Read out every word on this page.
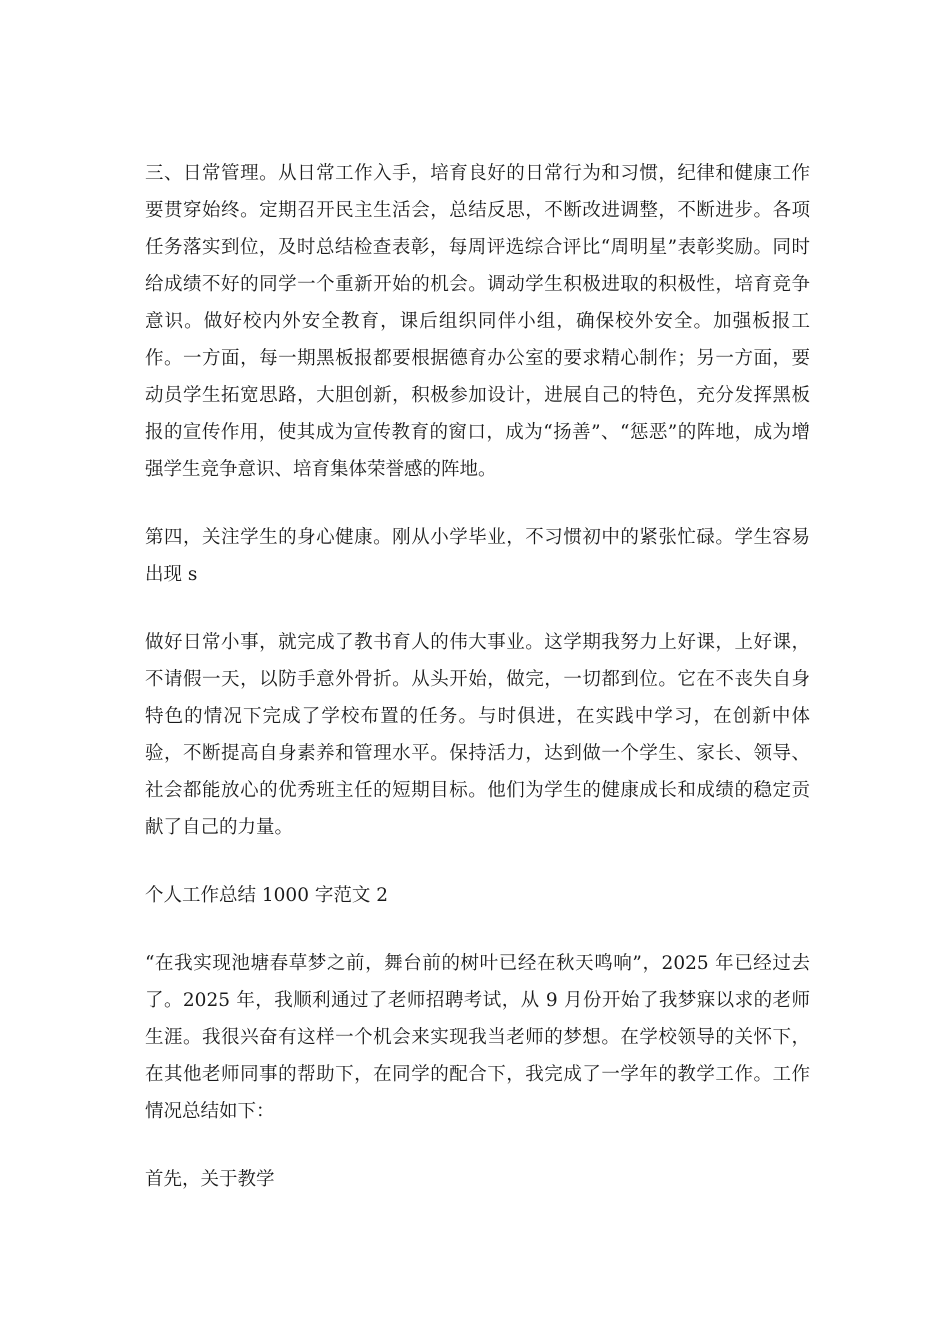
三、日常管理。从日常工作入手，培育良好的日常行为和习惯，纪律和健康工作要贯穿始终。定期召开民主生活会，总结反思，不断改进调整，不断进步。各项任务落实到位，及时总结检查表彰，每周评选综合评比“周明星”表彰奖励。同时给成绩不好的同学一个重新开始的机会。调动学生积极进取的积极性，培育竞争意识。做好校内外安全教育，课后组织同伴小组，确保校外安全。加强板报工作。一方面，每一期黑板报都要根据德育办公室的要求精心制作；另一方面，要动员学生拓宽思路，大胆创新，积极参加设计，进展自己的特色，充分发挥黑板报的宣传作用，使其成为宣传教育的窗口，成为“扬善”、“惩恶”的阵地，成为增强学生竞争意识、培育集体荣誉感的阵地。

第四，关注学生的身心健康。刚从小学毕业，不习惯初中的紧张忙碌。学生容易出现 s

做好日常小事，就完成了教书育人的伟大事业。这学期我努力上好课，上好课，不请假一天，以防手意外骨折。从头开始，做完，一切都到位。它在不丧失自身特色的情况下完成了学校布置的任务。与时俱进，在实践中学习，在创新中体验，不断提高自身素养和管理水平。保持活力，达到做一个学生、家长、领导、社会都能放心的优秀班主任的短期目标。他们为学生的健康成长和成绩的稳定贡献了自己的力量。

个人工作总结 1000 字范文 2

“在我实现池塘春草梦之前，舞台前的树叶已经在秋天鸣响”，2025 年已经过去了。2025 年，我顺利通过了老师招聘考试，从 9 月份开始了我梦寐以求的老师生涯。我很兴奋有这样一个机会来实现我当老师的梦想。在学校领导的关怀下，在其他老师同事的帮助下，在同学的配合下，我完成了一学年的教学工作。工作情况总结如下：

首先，关于教学
